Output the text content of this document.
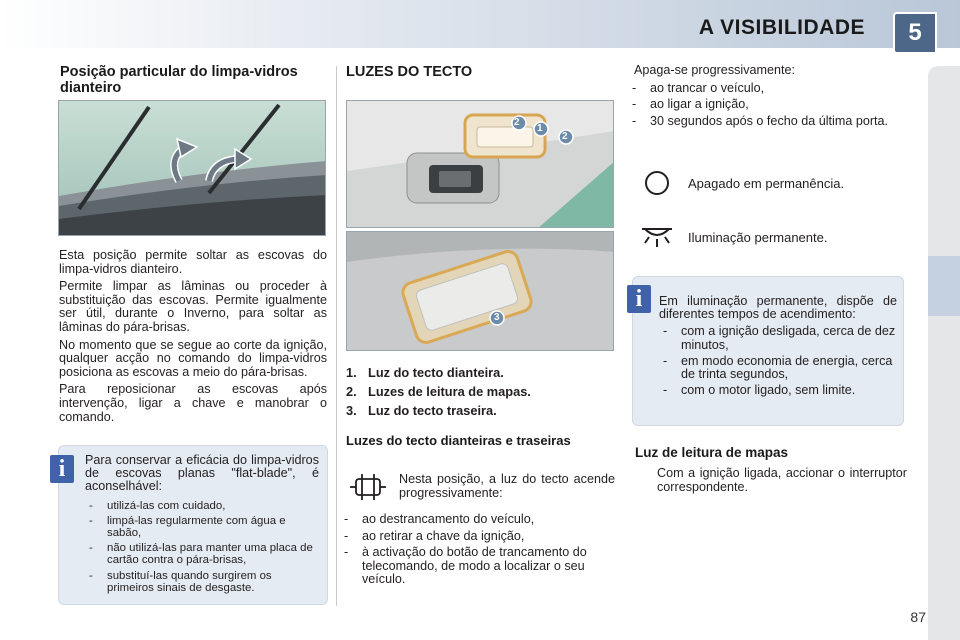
A VISIBILIDADE	5
Posição particular do limpa-vidros dianteiro

Esta posição permite soltar as escovas do limpa-vidros dianteiro.

Permite limpar as lâminas ou proceder à substituição das escovas. Permite igualmente ser útil, durante o Inverno, para soltar as lâminas do pára-brisas.

No momento que se segue ao corte da ignição, qualquer acção no comando do limpa-vidros posiciona as escovas a meio do pára-brisas.

Para reposicionar as escovas após intervenção, ligar a chave e manobrar o comando.

Para conservar a eficácia do limpa-vidros de escovas planas "flat-blade", é aconselhável:

- utilizá-las com cuidado,
- limpá-las regularmente com água e sabão,
- não utilizá-las para manter uma placa de cartão contra o pára-brisas,
- substituí-las quando surgirem os primeiros sinais de desgaste.
i
LUZES DO TECTO
2
1
2
3
1. Luz do tecto dianteira.
2. Luzes de leitura de mapas.
3. Luz do tecto traseira.
Luzes do tecto dianteiras e traseiras
Nesta posição, a luz do tecto acende progressivamente:
- ao destrancamento do veículo,
- ao retirar a chave da ignição,
- à activação do botão de trancamento do telecomando, de modo a localizar o seu veículo.

Apaga-se progressivamente:

- ao trancar o veículo,
- ao ligar a ignição,
- 30 segundos após o fecho da última porta.
Apagado em permanência.
Iluminação permanente.

Em iluminação permanente, dispõe de diferentes tempos de acendimento:

- com a ignição desligada, cerca de dez minutos,
- em modo economia de energia, cerca de trinta segundos,
- com o motor ligado, sem limite.
i
Luz de leitura de mapas

Com a ignição ligada, accionar o interruptor correspondente.

87
